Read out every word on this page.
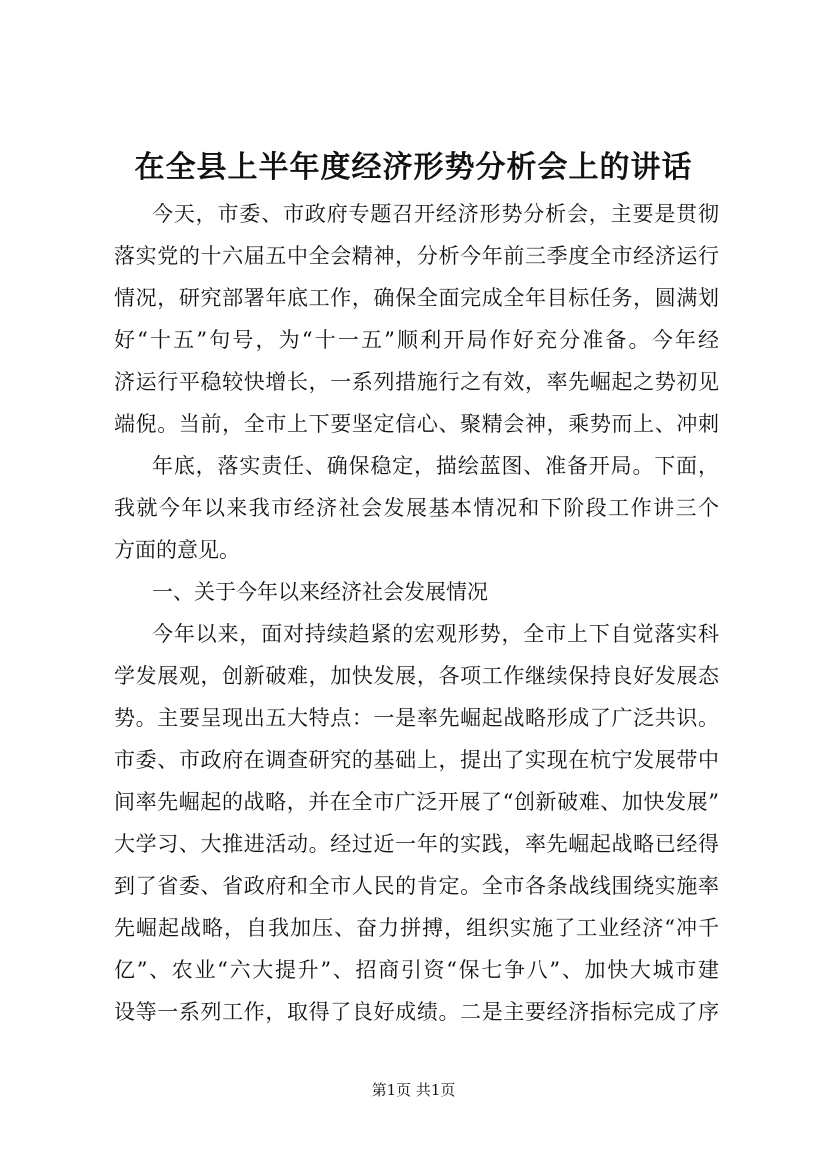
在全县上半年度经济形势分析会上的讲话
今天，市委、市政府专题召开经济形势分析会，主要是贯彻
落实党的十六届五中全会精神，分析今年前三季度全市经济运行
情况，研究部署年底工作，确保全面完成全年目标任务，圆满划
好“十五”句号，为“十一五”顺利开局作好充分准备。今年经
济运行平稳较快增长，一系列措施行之有效，率先崛起之势初见
端倪。当前，全市上下要坚定信心、聚精会神，乘势而上、冲刺
年底，落实责任、确保稳定，描绘蓝图、准备开局。下面，
我就今年以来我市经济社会发展基本情况和下阶段工作讲三个
方面的意见。
一、关于今年以来经济社会发展情况
今年以来，面对持续趋紧的宏观形势，全市上下自觉落实科
学发展观，创新破难，加快发展，各项工作继续保持良好发展态
势。主要呈现出五大特点：一是率先崛起战略形成了广泛共识。
市委、市政府在调查研究的基础上，提出了实现在杭宁发展带中
间率先崛起的战略，并在全市广泛开展了“创新破难、加快发展”
大学习、大推进活动。经过近一年的实践，率先崛起战略已经得
到了省委、省政府和全市人民的肯定。全市各条战线围绕实施率
先崛起战略，自我加压、奋力拼搏，组织实施了工业经济“冲千
亿”、农业“六大提升”、招商引资“保七争八”、加快大城市建
设等一系列工作，取得了良好成绩。二是主要经济指标完成了序
第1页 共1页
